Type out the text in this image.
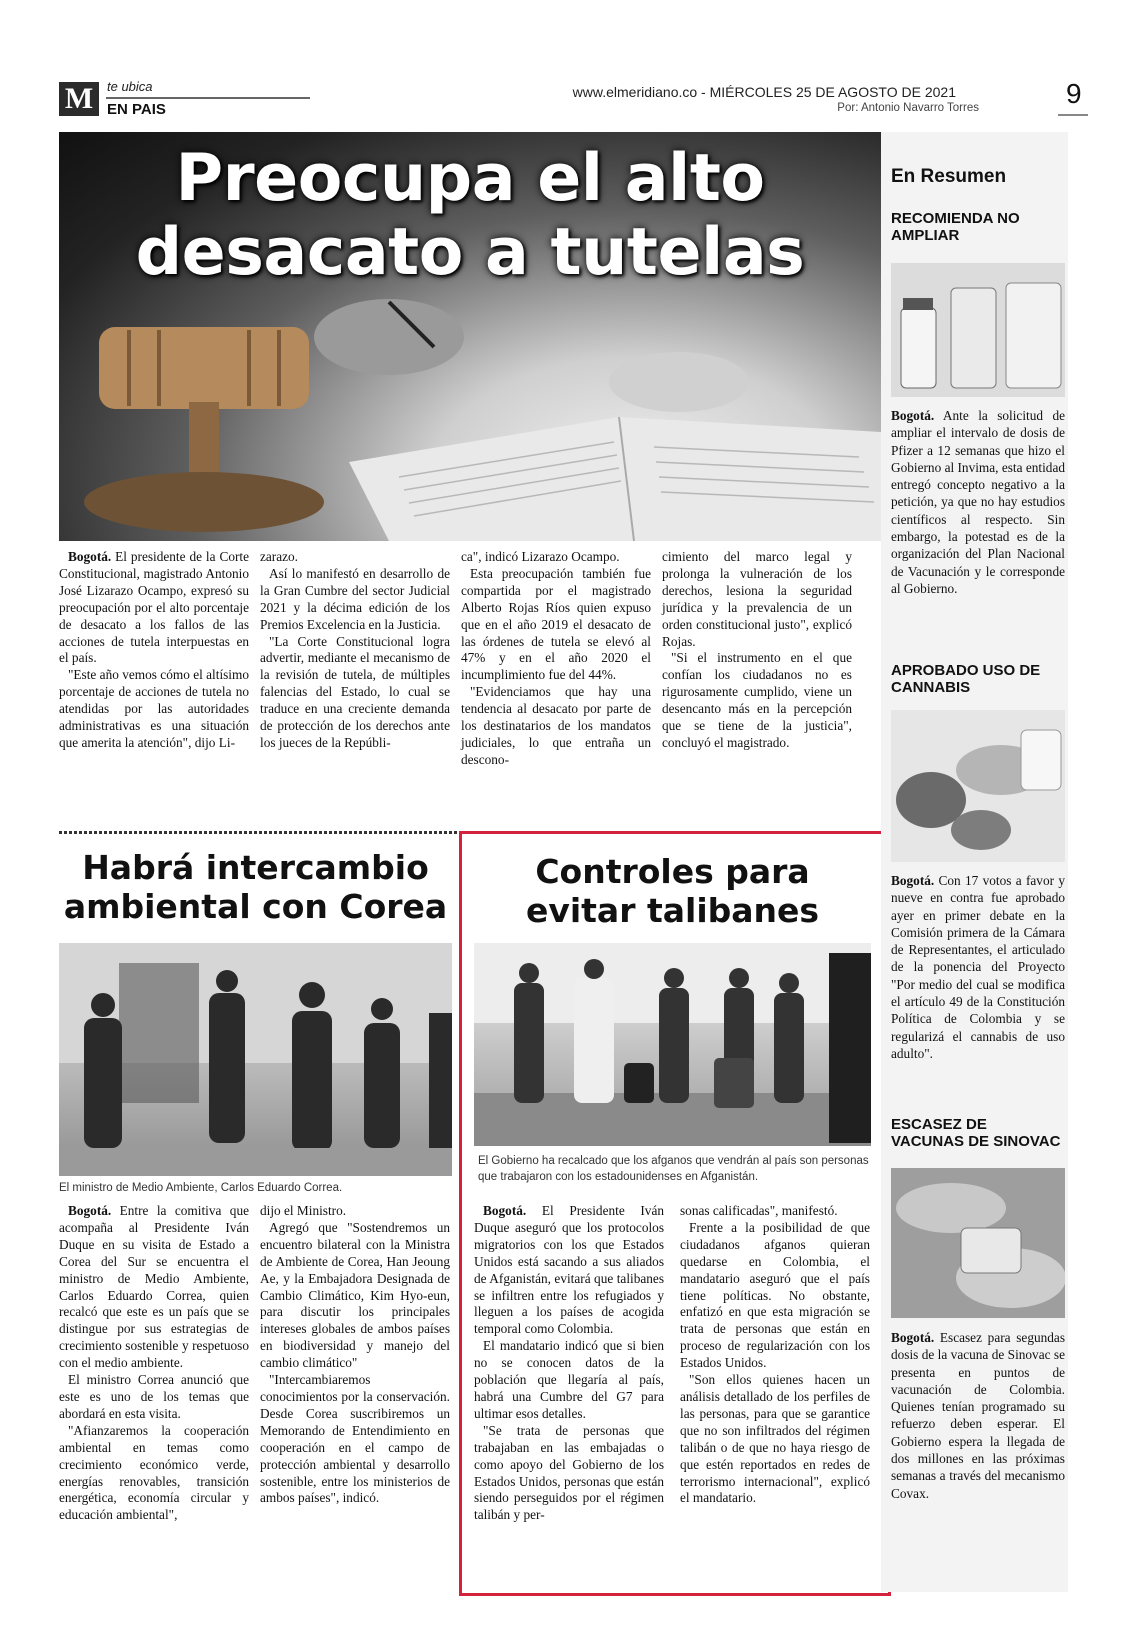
M	te ubica
EN PAIS
www.elmeridiano.co - MIÉRCOLES 25 DE AGOSTO DE 2021
Por: Antonio Navarro Torres	9
Preocupa el alto
desacato a tutelas

Bogotá. El presidente de la Corte Constitucional, magistrado Antonio José Lizarazo Ocampo, expresó su preocupación por el alto porcentaje de desacato a los fallos de las acciones de tutela interpuestas en el país.

"Este año vemos cómo el altísimo porcentaje de acciones de tutela no atendidas por las autoridades administrativas es una situación que amerita la atención", dijo Li-

zarazo.

Así lo manifestó en desarrollo de la Gran Cumbre del sector Judicial 2021 y la décima edición de los Premios Excelencia en la Justicia.

"La Corte Constitucional logra advertir, mediante el mecanismo de la revisión de tutela, de múltiples falencias del Estado, lo cual se traduce en una creciente demanda de protección de los derechos ante los jueces de la Repúbli-

ca", indicó Lizarazo Ocampo.

Esta preocupación también fue compartida por el magistrado Alberto Rojas Ríos quien expuso que en el año 2019 el desacato de las órdenes de tutela se elevó al 47% y en el año 2020 el incumplimiento fue del 44%.

"Evidenciamos que hay una tendencia al desacato por parte de los destinatarios de los mandatos judiciales, lo que entraña un descono-

cimiento del marco legal y prolonga la vulneración de los derechos, lesiona la seguridad jurídica y la prevalencia de un orden constitucional justo", explicó Rojas.

"Si el instrumento en el que confían los ciudadanos no es rigurosamente cumplido, viene un desencanto más en la percepción que se tiene de la justicia", concluyó el magistrado.

Habrá intercambio
ambiental con Corea
El ministro de Medio Ambiente, Carlos Eduardo Correa.

Bogotá. Entre la comitiva que acompaña al Presidente Iván Duque en su visita de Estado a Corea del Sur se encuentra el ministro de Medio Ambiente, Carlos Eduardo Correa, quien recalcó que este es un país que se distingue por sus estrategias de crecimiento sostenible y respetuoso con el medio ambiente.

El ministro Correa anunció que este es uno de los temas que abordará en esta visita.

"Afianzaremos la cooperación ambiental en temas como crecimiento económico verde, energías renovables, transición energética, economía circular y educación ambiental",

dijo el Ministro.

Agregó que "Sostendremos un encuentro bilateral con la Ministra de Ambiente de Corea, Han Jeoung Ae, y la Embajadora Designada de Cambio Climático, Kim Hyo-eun, para discutir los principales intereses globales de ambos países en biodiversidad y manejo del cambio climático"

"Intercambiaremos conocimientos por la conservación. Desde Corea suscribiremos un Memorando de Entendimiento en cooperación en el campo de protección ambiental y desarrollo sostenible, entre los ministerios de ambos países", indicó.

Controles para
evitar talibanes
El Gobierno ha recalcado que los afganos que vendrán al país son personas que trabajaron con los estadounidenses en Afganistán.

Bogotá. El Presidente Iván Duque aseguró que los protocolos migratorios con los que Estados Unidos está sacando a sus aliados de Afganistán, evitará que talibanes se infiltren entre los refugiados y lleguen a los países de acogida temporal como Colombia.

El mandatario indicó que si bien no se conocen datos de la población que llegaría al país, habrá una Cumbre del G7 para ultimar esos detalles.

"Se trata de personas que trabajaban en las embajadas o como apoyo del Gobierno de los Estados Unidos, personas que están siendo perseguidos por el régimen talibán y per-

sonas calificadas", manifestó.

Frente a la posibilidad de que ciudadanos afganos quieran quedarse en Colombia, el mandatario aseguró que el país tiene políticas. No obstante, enfatizó en que esta migración se trata de personas que están en proceso de regularización con los Estados Unidos.

"Son ellos quienes hacen un análisis detallado de los perfiles de las personas, para que se garantice que no son infiltrados del régimen talibán o de que no haya riesgo de que estén reportados en redes de terrorismo internacional", explicó el mandatario.

En Resumen
RECOMIENDA NO AMPLIAR
Bogotá. Ante la solicitud de ampliar el intervalo de dosis de Pfizer a 12 semanas que hizo el Gobierno al Invima, esta entidad entregó concepto negativo a la petición, ya que no hay estudios científicos al respecto. Sin embargo, la potestad es de la organización del Plan Nacional de Vacunación y le corresponde al Gobierno.
APROBADO USO DE CANNABIS
Bogotá. Con 17 votos a favor y nueve en contra fue aprobado ayer en primer debate en la Comisión primera de la Cámara de Representantes, el articulado de la ponencia del Proyecto "Por medio del cual se modifica el artículo 49 de la Constitución Política de Colombia y se regularizá el cannabis de uso adulto".
ESCASEZ DE VACUNAS DE SINOVAC
Bogotá. Escasez para segundas dosis de la vacuna de Sinovac se presenta en puntos de vacunación de Colombia. Quienes tenían programado su refuerzo deben esperar. El Gobierno espera la llegada de dos millones en las próximas semanas a través del mecanismo Covax.
